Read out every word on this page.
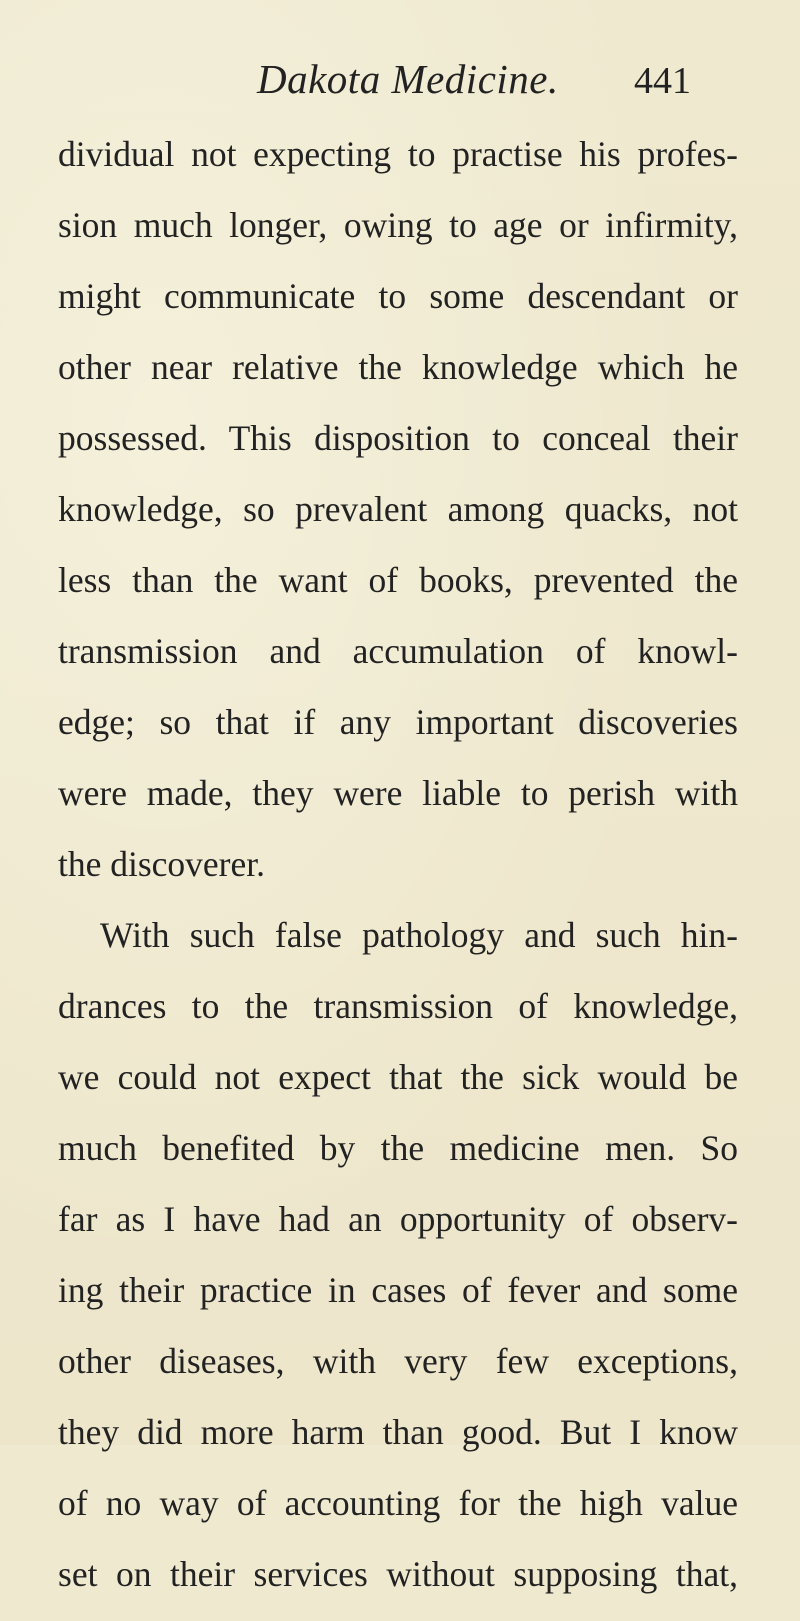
Dakota Medicine. 441
dividual not expecting to practise his profes-
sion much longer, owing to age or infirmity,
might communicate to some descendant or
other near relative the knowledge which he
possessed. This disposition to conceal their
knowledge, so prevalent among quacks, not
less than the want of books, prevented the
transmission and accumulation of knowl-
edge; so that if any important discoveries
were made, they were liable to perish with
the discoverer.
With such false pathology and such hin-
drances to the transmission of knowledge,
we could not expect that the sick would be
much benefited by the medicine men. So
far as I have had an opportunity of observ-
ing their practice in cases of fever and some
other diseases, with very few exceptions,
they did more harm than good. But I know
of no way of accounting for the high value
set on their services without supposing that,
